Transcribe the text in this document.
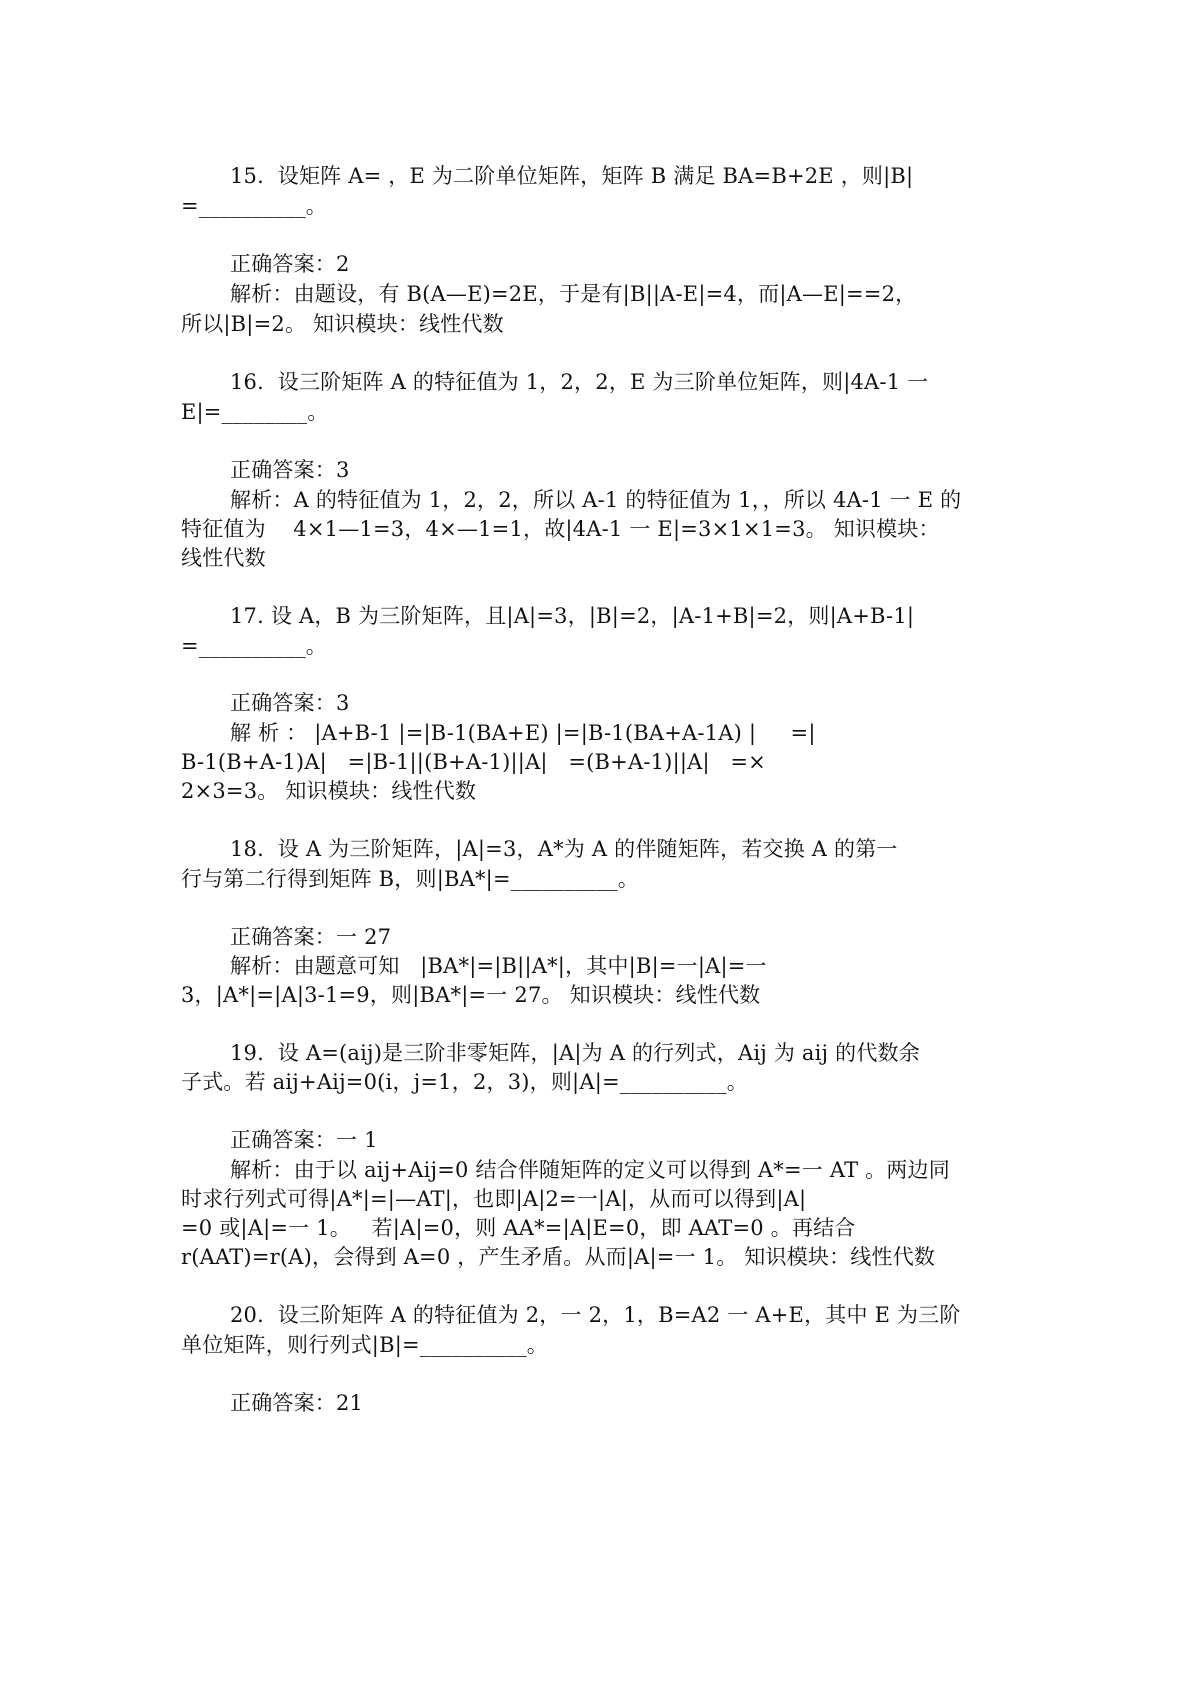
15.  设矩阵 A= ，E 为二阶单位矩阵，矩阵 B 满足 BA=B+2E ，则|B|
=__________。
正确答案：2
解析：由题设，有 B(A—E)=2E，于是有|B||A-E|=4，而|A—E|==2，
所以|B|=2。 知识模块：线性代数
16.  设三阶矩阵 A 的特征值为 1，2，2，E 为三阶单位矩阵，则|4A-1 一
E|=________。
正确答案：3
解析：A 的特征值为 1，2，2，所以 A-1 的特征值为 1，，所以 4A-1 一 E 的
特征值为    4×1—1=3，4×—1=1，故|4A-1 一 E|=3×1×1=3。 知识模块：
线性代数
17. 设 A，B 为三阶矩阵，且|A|=3，|B|=2，|A-1+B|=2，则|A+B-1|
=__________。
正确答案：3
解 析 ： |A+B-1 |=|B-1(BA+E) |=|B-1(BA+A-1A) |     =|
B-1(B+A-1)A|   =|B-1||(B+A-1)||A|   =(B+A-1)||A|   =×
2×3=3。 知识模块：线性代数
18.  设 A 为三阶矩阵，|A|=3，A*为 A 的伴随矩阵，若交换 A 的第一
行与第二行得到矩阵 B，则|BA*|=__________。
正确答案：一 27
解析：由题意可知   |BA*|=|B||A*|，其中|B|=一|A|=一
3，|A*|=|A|3-1=9，则|BA*|=一 27。 知识模块：线性代数
19.  设 A=(aij)是三阶非零矩阵，|A|为 A 的行列式，Aij 为 aij 的代数余
子式。若 aij+Aij=0(i，j=1，2，3)，则|A|=__________。
正确答案：一 1
解析：由于以 aij+Aij=0 结合伴随矩阵的定义可以得到 A*=一 AT 。两边同
时求行列式可得|A*|=|—AT|，也即|A|2=一|A|，从而可以得到|A|
=0 或|A|=一 1。   若|A|=0，则 AA*=|A|E=0，即 AAT=0 。再结合
r(AAT)=r(A)，会得到 A=0 ，产生矛盾。从而|A|=一 1。 知识模块：线性代数
20.  设三阶矩阵 A 的特征值为 2，一 2，1，B=A2 一 A+E，其中 E 为三阶
单位矩阵，则行列式|B|=__________。
正确答案：21
